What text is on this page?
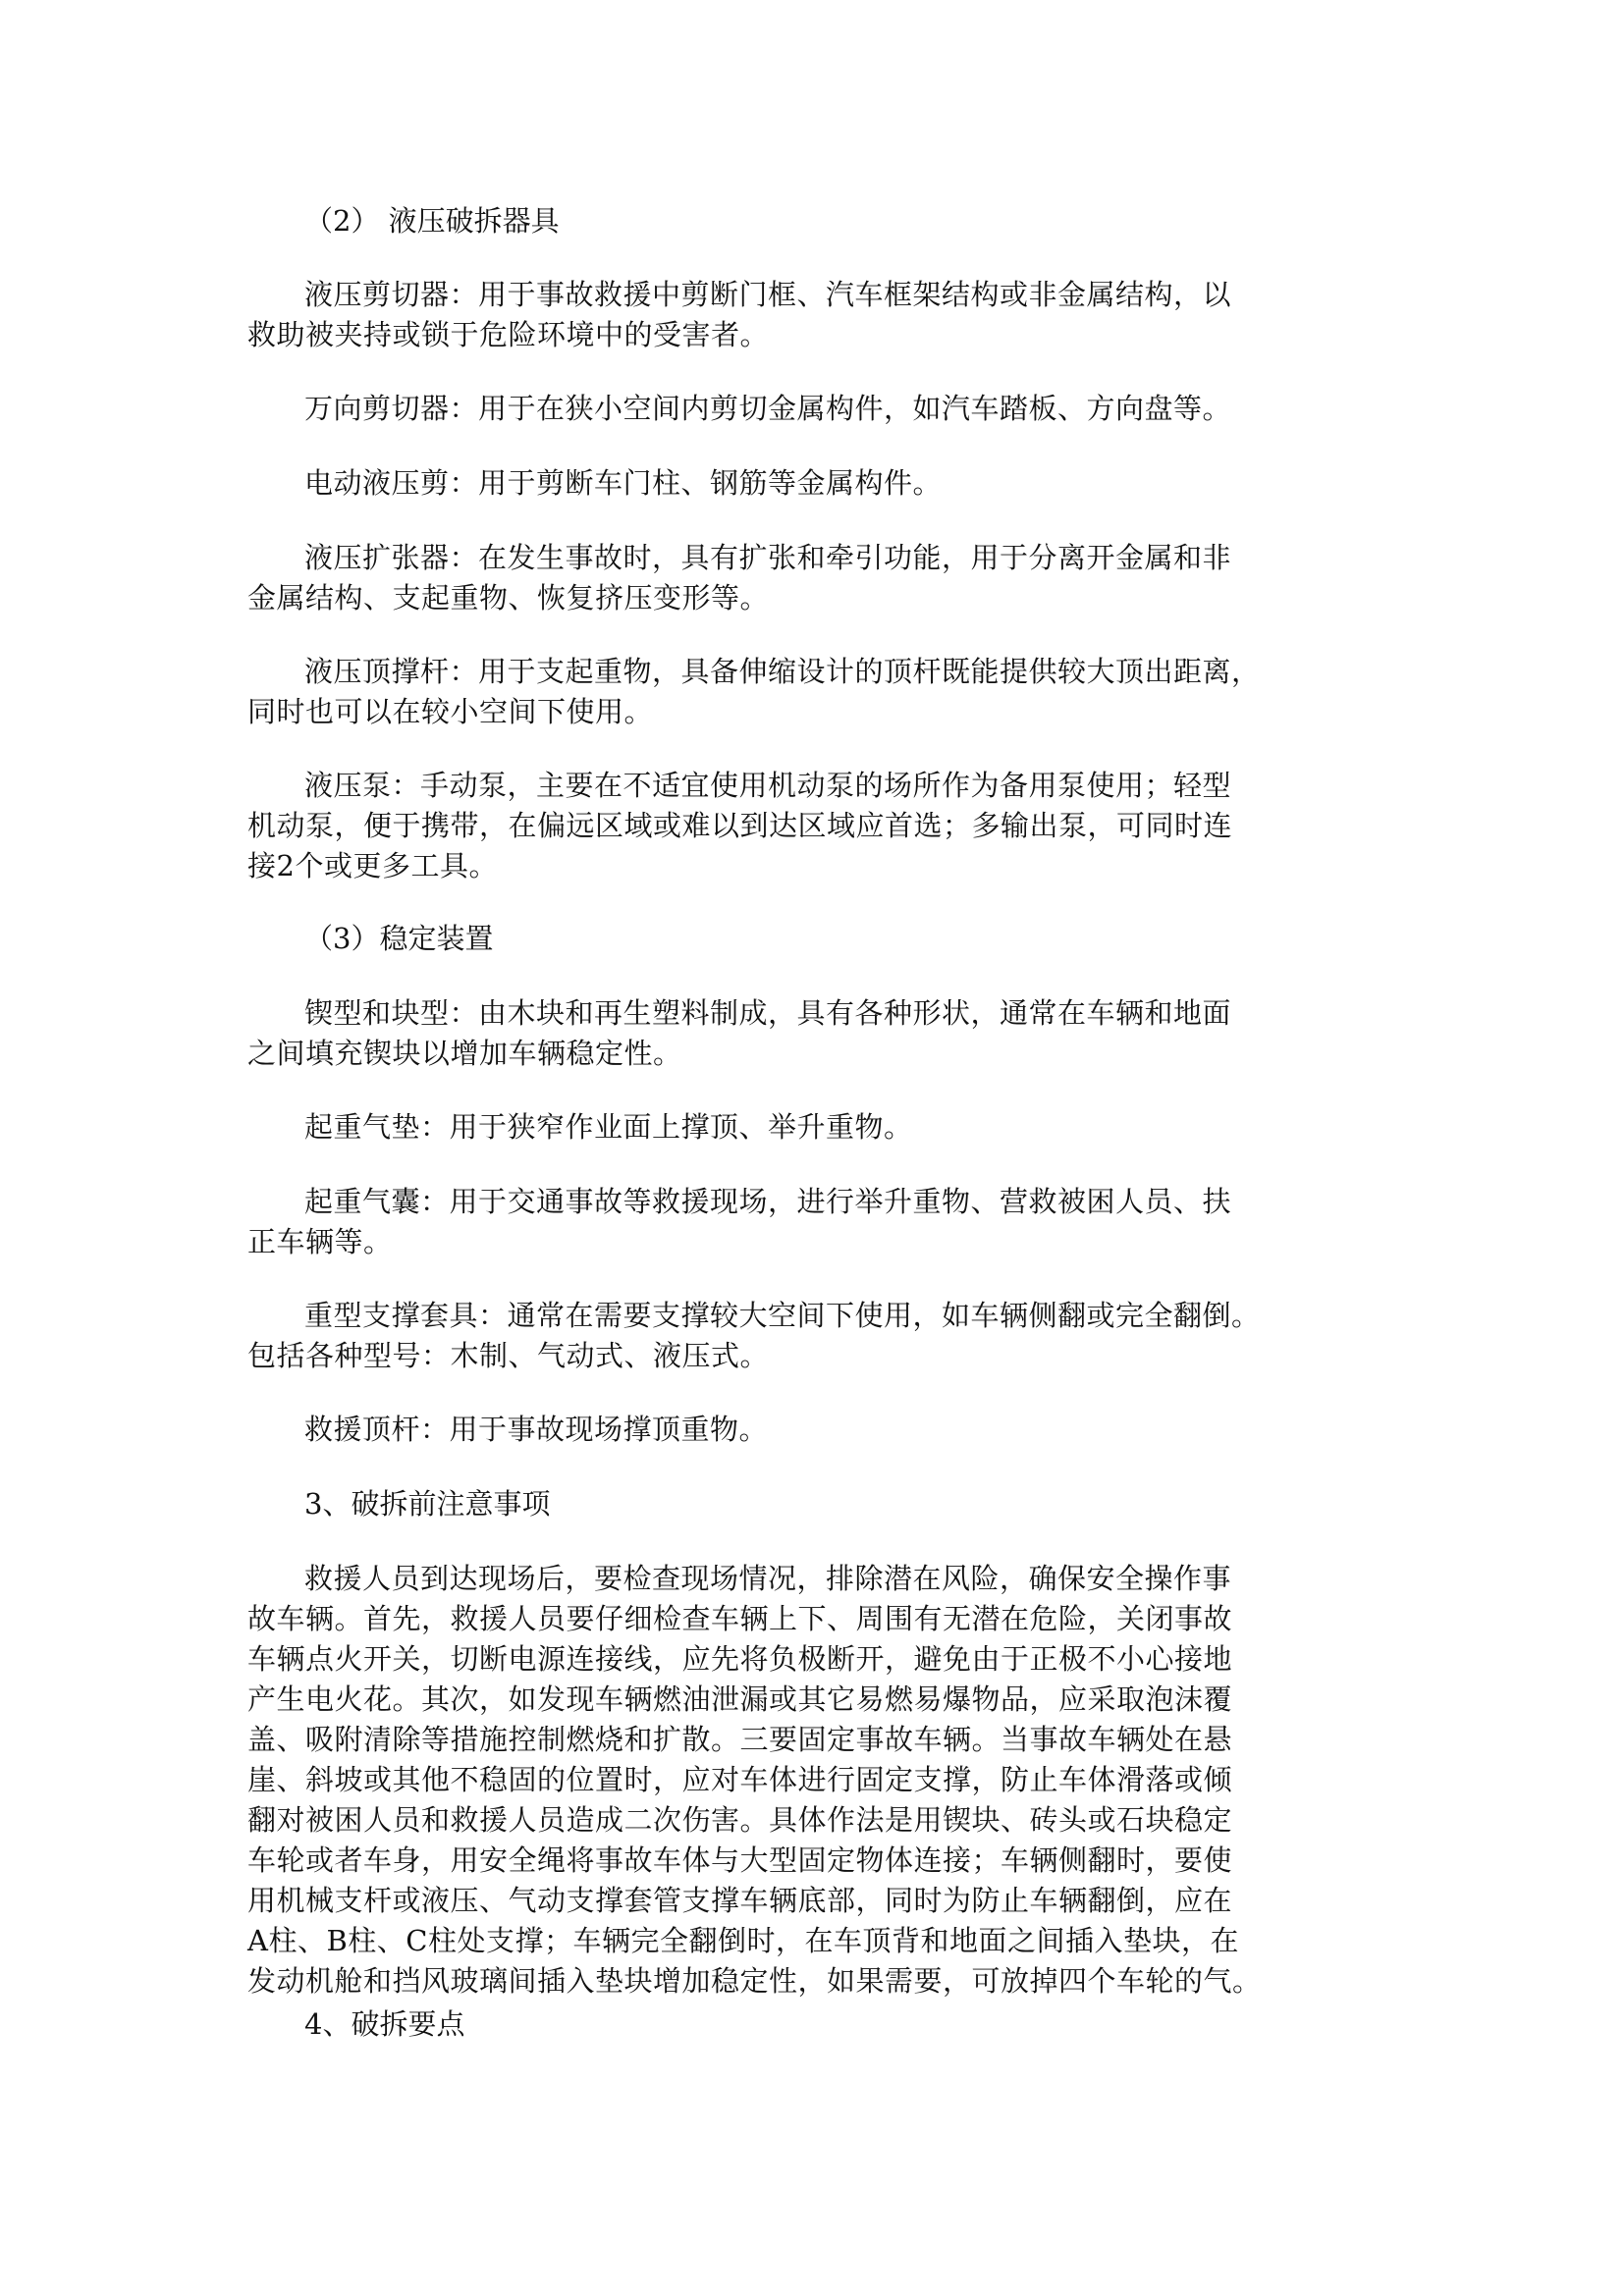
（2） 液压破拆器具
液压剪切器：用于事故救援中剪断门框、汽车框架结构或非金属结构，以
救助被夹持或锁于危险环境中的受害者。
万向剪切器：用于在狭小空间内剪切金属构件，如汽车踏板、方向盘等。
电动液压剪：用于剪断车门柱、钢筋等金属构件。
液压扩张器：在发生事故时，具有扩张和牵引功能，用于分离开金属和非
金属结构、支起重物、恢复挤压变形等。
液压顶撑杆：用于支起重物，具备伸缩设计的顶杆既能提供较大顶出距离，
同时也可以在较小空间下使用。
液压泵：手动泵，主要在不适宜使用机动泵的场所作为备用泵使用；轻型
机动泵，便于携带，在偏远区域或难以到达区域应首选；多输出泵，可同时连
接2个或更多工具。
（3）稳定装置
锲型和块型：由木块和再生塑料制成，具有各种形状，通常在车辆和地面
之间填充锲块以增加车辆稳定性。
起重气垫：用于狭窄作业面上撑顶、举升重物。
起重气囊：用于交通事故等救援现场，进行举升重物、营救被困人员、扶
正车辆等。
重型支撑套具：通常在需要支撑较大空间下使用，如车辆侧翻或完全翻倒。
包括各种型号：木制、气动式、液压式。
救援顶杆：用于事故现场撑顶重物。
3、破拆前注意事项
救援人员到达现场后，要检查现场情况，排除潜在风险，确保安全操作事
故车辆。首先，救援人员要仔细检查车辆上下、周围有无潜在危险，关闭事故
车辆点火开关，切断电源连接线，应先将负极断开，避免由于正极不小心接地
产生电火花。其次，如发现车辆燃油泄漏或其它易燃易爆物品，应采取泡沫覆
盖、吸附清除等措施控制燃烧和扩散。三要固定事故车辆。当事故车辆处在悬
崖、斜坡或其他不稳固的位置时，应对车体进行固定支撑，防止车体滑落或倾
翻对被困人员和救援人员造成二次伤害。具体作法是用锲块、砖头或石块稳定
车轮或者车身，用安全绳将事故车体与大型固定物体连接；车辆侧翻时，要使
用机械支杆或液压、气动支撑套管支撑车辆底部，同时为防止车辆翻倒，应在
A柱、B柱、C柱处支撑；车辆完全翻倒时，在车顶背和地面之间插入垫块，在
发动机舱和挡风玻璃间插入垫块增加稳定性，如果需要，可放掉四个车轮的气。
4、破拆要点
